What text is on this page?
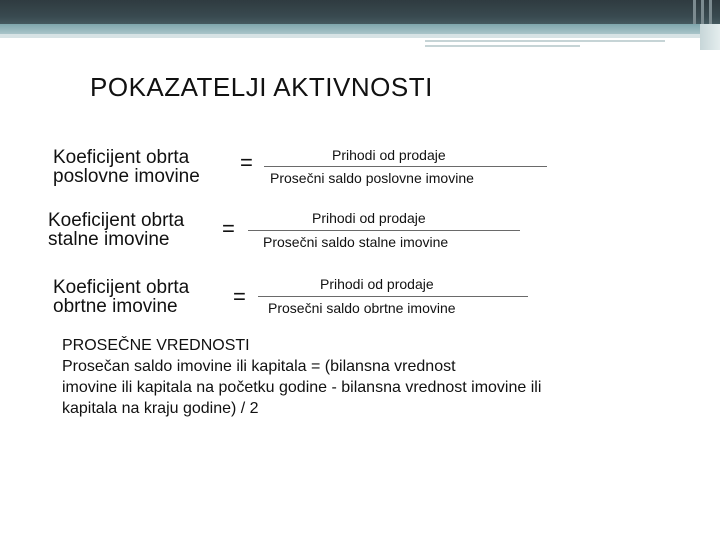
POKAZATELJI AKTIVNOSTI
Koeficijent obrta
poslovne imovine
=	Prihodi od prodaje
Prosečni saldo poslovne imovine
Koeficijent obrta
stalne imovine	=	Prihodi od prodaje
Prosečni saldo stalne imovine
Koeficijent obrta
obrtne imovine	=	Prihodi od prodaje
Prosečni saldo obrtne imovine
PROSEČNE VREDNOSTI
Prosečan saldo imovine ili kapitala = (bilansna vrednost
imovine ili kapitala na početku godine - bilansna vrednost imovine ili
kapitala na kraju godine) / 2
